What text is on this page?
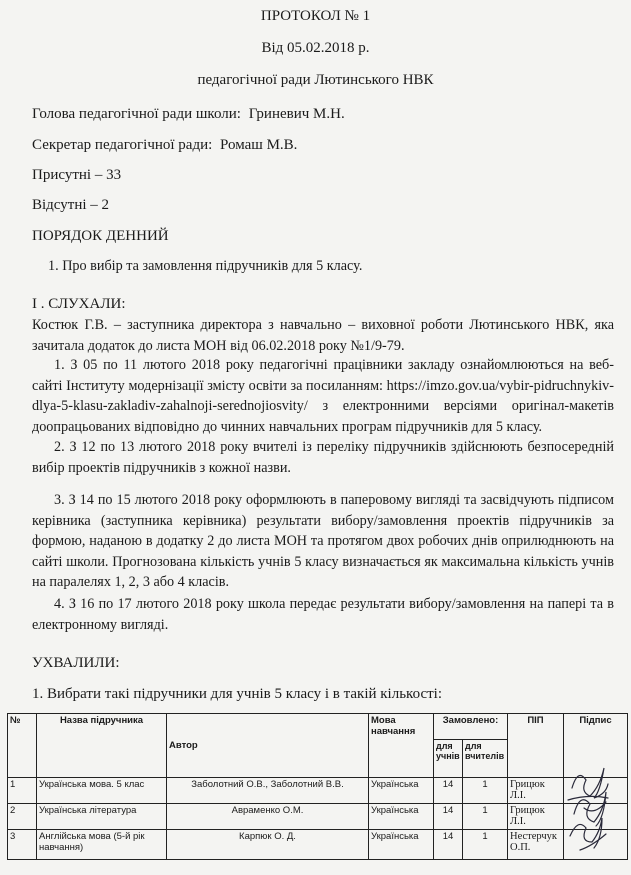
ПРОТОКОЛ № 1
Від 05.02.2018 р.
педагогічної ради Лютинського НВК
Голова педагогічної ради школи: Гриневич М.Н.
Секретар педагогічної ради: Ромаш М.В.
Присутні – 33
Відсутні – 2
ПОРЯДОК ДЕННИЙ
1. Про вибір та замовлення підручників для 5 класу.
І . СЛУХАЛИ:
Костюк Г.В. – заступника директора з навчально – виховної роботи Лютинського НВК, яка зачитала додаток до листа МОН від 06.02.2018 року №1/9-79.
1. З 05 по 11 лютого 2018 року педагогічні працівники закладу ознайомлюються на веб-сайті Інституту модернізації змісту освіти за посиланням: https://imzo.gov.ua/vybir-pidruchnykiv-dlya-5-klasu-zakladiv-zahalnoji-serednojiosvity/ з електронними версіями оригінал-макетів доопрацьованих відповідно до чинних навчальних програм підручників для 5 класу.
2. З 12 по 13 лютого 2018 року вчителі із переліку підручників здійснюють безпосередній вибір проектів підручників з кожної назви.
3. З 14 по 15 лютого 2018 року оформлюють в паперовому вигляді та засвідчують підписом керівника (заступника керівника) результати вибору/замовлення проектів підручників за формою, наданою в додатку 2 до листа МОН та протягом двох робочих днів оприлюднюють на сайті школи. Прогнозована кількість учнів 5 класу визначається як максимальна кількість учнів на паралелях 1, 2, 3 або 4 класів.
4. З 16 по 17 лютого 2018 року школа передає результати вибору/замовлення на папері та в електронному вигляді.
УХВАЛИЛИ:
1. Вибрати такі підручники для учнів 5 класу і в такій кількості:
№	Назва підручника	Автор	Мова навчання	Замовлено:		ПІП	Підпис
				для учнів	для вчителів		
1	Українська мова. 5 клас	Заболотний О.В., Заболотний В.В.	Українська	14	1	Грицюк Л.І.	
2	Українська література	Авраменко О.М.	Українська	14	1	Грицюк Л.І.	
3	Англійська мова (5-й рік навчання)	Карпюк О. Д.	Українська	14	1	Нестерчук О.П.	
